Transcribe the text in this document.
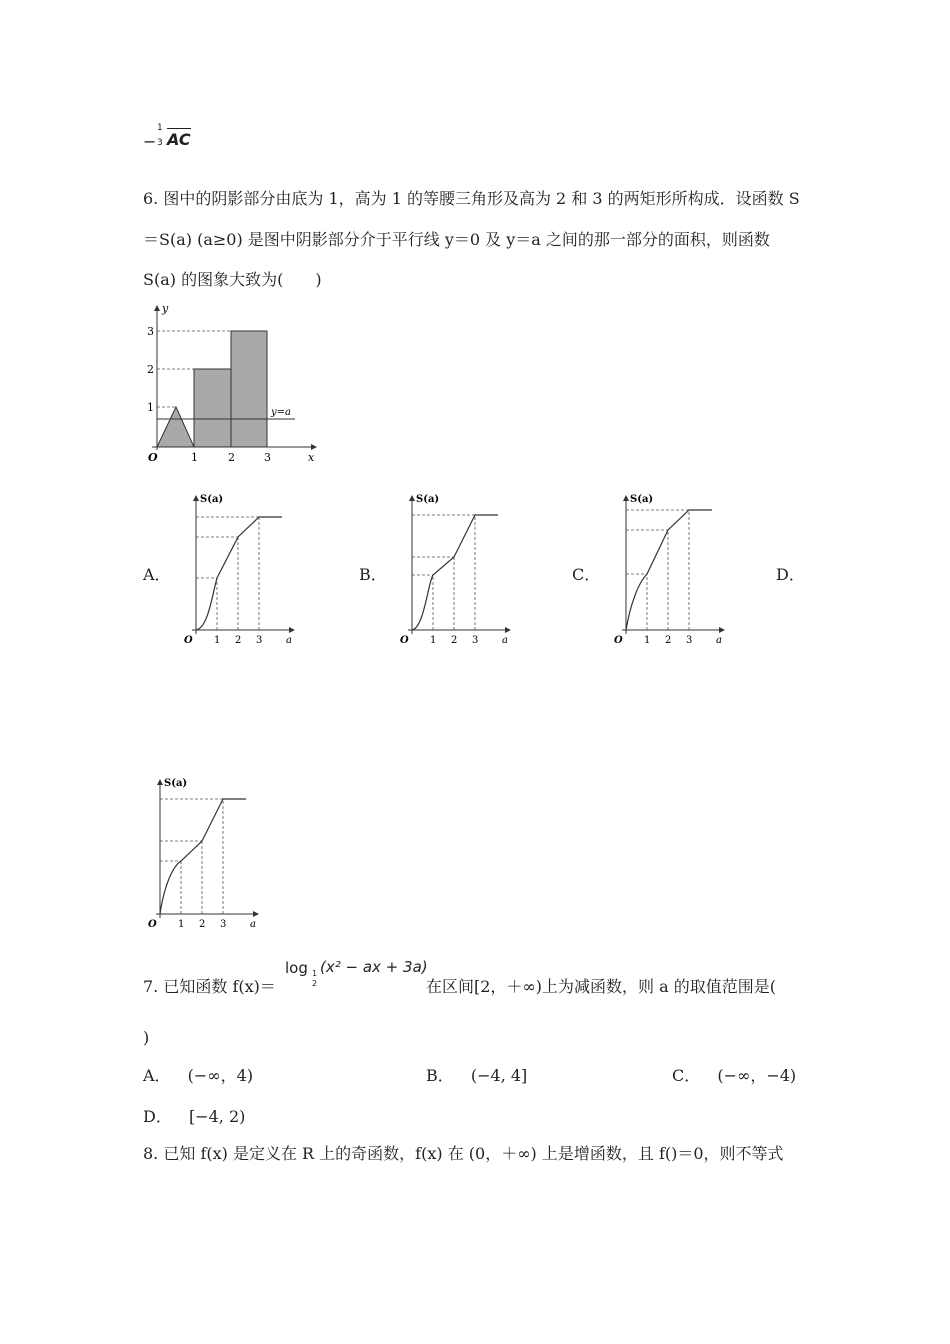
−
1
3 AC
6. 图中的阴影部分由底为 1，高为 1 的等腰三角形及高为 2 和 3 的两矩形所构成．设函数 S
＝S(a) (a≥0) 是图中阴影部分介于平行线 y＝0 及 y＝a 之间的那一部分的面积，则函数
S(a) 的图象大致为(　　)
y
x
O	1	2	3
1
2
3
y=a
A．	B．	C．	D．
S(a)
O 1 2 3 a
S(a)
O 1 2 3 a
S(a)
O 1 2 3 a
S(a)
O 1 2 3 a
7. 已知函数 f(x)＝
log 1
2
(x² − ax + 3a)
在区间[2，＋∞)上为减函数，则 a 的取值范围是(
)
A． (−∞，4)	B． (−4, 4]	C． (−∞，−4)
D． [−4, 2)
8. 已知 f(x) 是定义在 R 上的奇函数，f(x) 在 (0，＋∞) 上是增函数，且 f()＝0，则不等式
